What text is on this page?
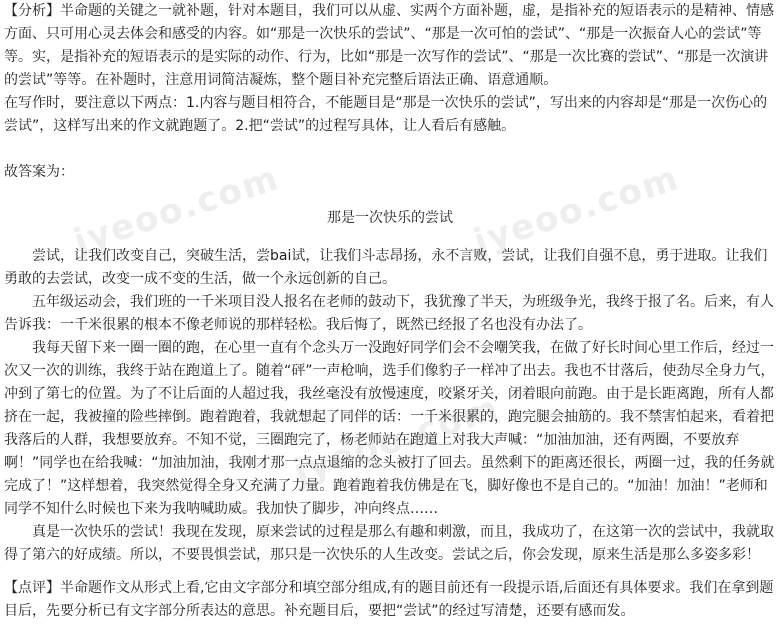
jyeoo.com	jyeoo.com
jyeoo.com

【分析】半命题的关键之一就补题，针对本题目，我们可以从虚、实两个方面补题，虚，是指补充的短语表示的是精神、情感方面、只可用心灵去体会和感受的内容。如“那是一次快乐的尝试”、“那是一次可怕的尝试”、“那是一次振奋人心的尝试”等等。实，是指补充的短语表示的是实际的动作、行为，比如“那是一次写作的尝试”、“那是一次比赛的尝试”、“那是一次演讲的尝试”等等。在补题时，注意用词简洁凝炼，整个题目补充完整后语法正确、语意通顺。

在写作时，要注意以下两点：1.内容与题目相符合，不能题目是“那是一次快乐的尝试”，写出来的内容却是“那是一次伤心的尝试”，这样写出来的作文就跑题了。2.把“尝试”的过程写具体，让人看后有感触。

故答案为：

那是一次快乐的尝试

尝试，让我们改变自己，突破生活，尝bai试，让我们斗志昂扬，永不言败，尝试，让我们自强不息，勇于进取。让我们勇敢的去尝试，改变一成不变的生活，做一个永远创新的自己。

五年级运动会，我们班的一千米项目没人报名在老师的鼓动下，我犹豫了半天，为班级争光，我终于报了名。后来，有人告诉我：一千米很累的根本不像老师说的那样轻松。我后悔了，既然已经报了名也没有办法了。

我每天留下来一圈一圈的跑，在心里一直有个念头万一没跑好同学们会不会嘲笑我，在做了好长时间心里工作后，经过一次又一次的训练，我终于站在跑道上了。随着“砰”一声枪响，选手们像豹子一样冲了出去。我也不甘落后，使劲尽全身力气，冲到了第七的位置。为了不让后面的人超过我，我丝毫没有放慢速度，咬紧牙关，闭着眼向前跑。由于是长距离跑，所有人都挤在一起，我被撞的险些摔倒。跑着跑着，我就想起了同伴的话：一千米很累的，跑完腿会抽筋的。我不禁害怕起来，看着把我落后的人群，我想要放弃。不知不觉，三圈跑完了，杨老师站在跑道上对我大声喊：“加油加油，还有两圈，不要放弃啊！”同学也在给我喊：“加油加油，我刚才那一点点退缩的念头被打了回去。虽然剩下的距离还很长，两圈一过，我的任务就完成了！”这样想着，我突然觉得全身又充满了力量。跑着跑着我仿佛是在飞，脚好像也不是自己的。“加油！加油！”老师和同学不知什么时候也下来为我呐喊助威。我加快了脚步，冲向终点……

真是一次快乐的尝试！我现在发现，原来尝试的过程是那么有趣和刺激，而且，我成功了，在这第一次的尝试中，我就取得了第六的好成绩。所以，不要畏惧尝试，那只是一次快乐的人生改变。尝试之后，你会发现，原来生活是那么多姿多彩！

【点评】半命题作文从形式上看,它由文字部分和填空部分组成,有的题目前还有一段提示语,后面还有具体要求。我们在拿到题目后，先要分析已有文字部分所表达的意思。补充题目后，要把“尝试”的经过写清楚，还要有感而发。
